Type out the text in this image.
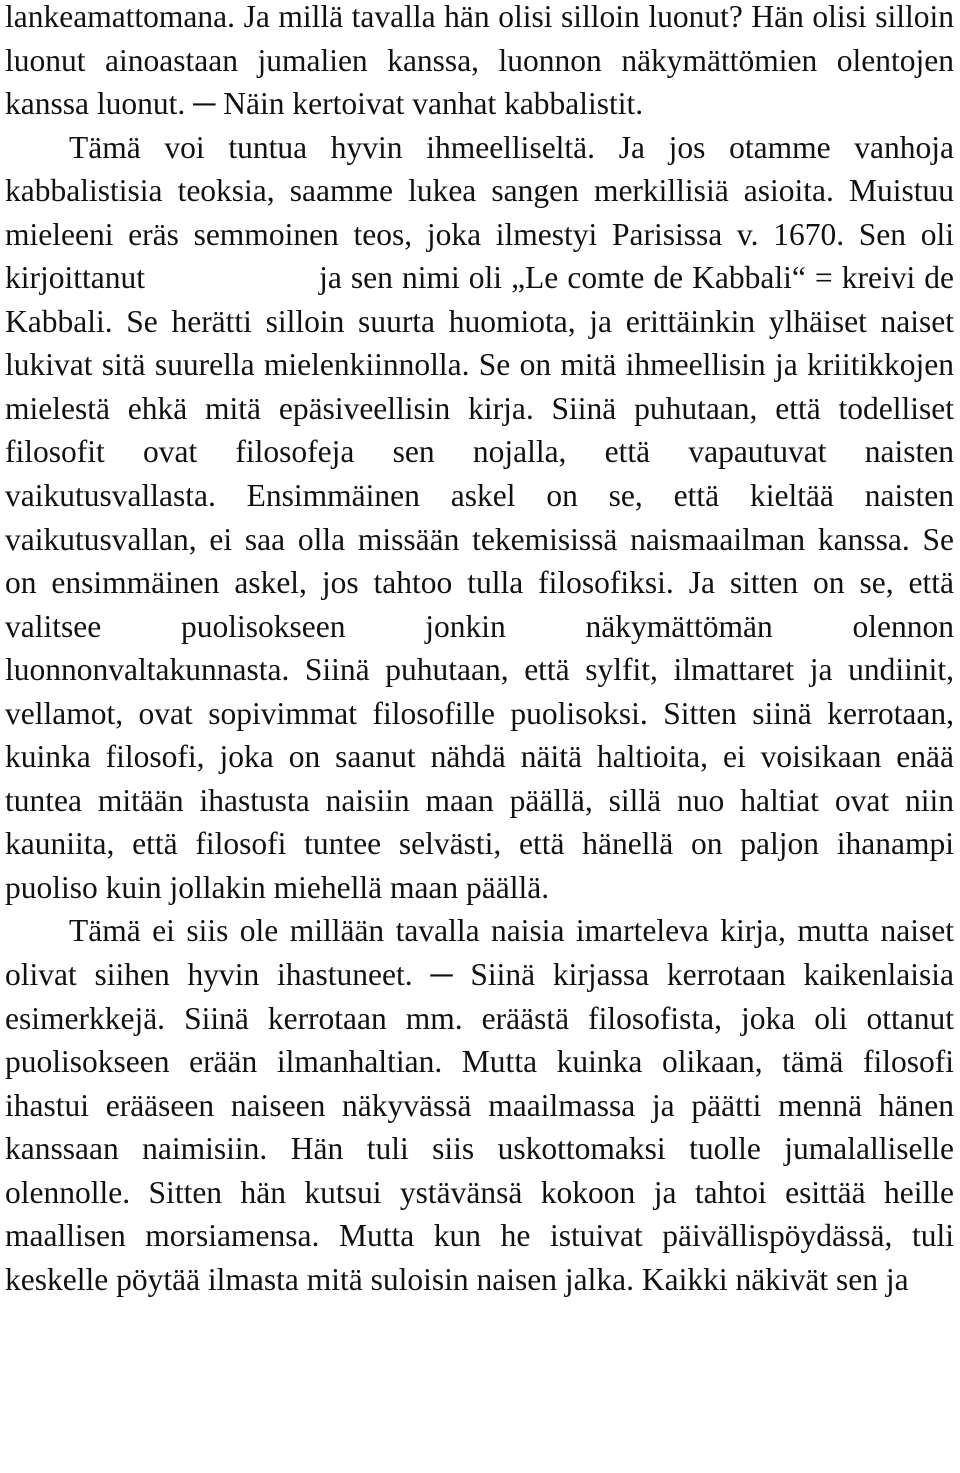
lankeamattomana. Ja millä tavalla hän olisi silloin luonut? Hän olisi silloin luonut ainoastaan jumalien kanssa, luonnon näkymättömien olentojen kanssa luonut. ─ Näin kertoivat vanhat kabbalistit.

Tämä voi tuntua hyvin ihmeelliseltä. Ja jos otamme vanhoja kabbalistisia teoksia, saamme lukea sangen merkillisiä asioita. Muistuu mieleeni eräs semmoinen teos, joka ilmestyi Parisissa v. 1670. Sen oli kirjoittanut	ja sen nimi oli „Le comte de Kabbali“ = kreivi de Kabbali. Se herätti silloin suurta huomiota, ja erittäinkin ylhäiset naiset lukivat sitä suurella mielenkiinnolla. Se on mitä ihmeellisin ja kriitikkojen mielestä ehkä mitä epäsiveellisin kirja. Siinä puhutaan, että todelliset filosofit ovat filosofeja sen nojalla, että vapautuvat naisten vaikutusvallasta. Ensimmäinen askel on se, että kieltää naisten vaikutusvallan, ei saa olla missään tekemisissä naismaailman kanssa. Se on ensimmäinen askel, jos tahtoo tulla filosofiksi. Ja sitten on se, että valitsee puolisokseen jonkin näkymättömän olennon luonnonvaltakunnasta. Siinä puhutaan, että sylfit, ilmattaret ja undiinit, vellamot, ovat sopivimmat filosofille puolisoksi. Sitten siinä kerrotaan, kuinka filosofi, joka on saanut nähdä näitä haltioita, ei voisikaan enää tuntea mitään ihastusta naisiin maan päällä, sillä nuo haltiat ovat niin kauniita, että filosofi tuntee selvästi, että hänellä on paljon ihanampi puoliso kuin jollakin miehellä maan päällä.

Tämä ei siis ole millään tavalla naisia imarteleva kirja, mutta naiset olivat siihen hyvin ihastuneet. ─ Siinä kirjassa kerrotaan kaikenlaisia esimerkkejä. Siinä kerrotaan mm. eräästä filosofista, joka oli ottanut puolisokseen erään ilmanhaltian. Mutta kuinka olikaan, tämä filosofi ihastui erääseen naiseen näkyvässä maailmassa ja päätti mennä hänen kanssaan naimisiin. Hän tuli siis uskottomaksi tuolle jumalalliselle olennolle. Sitten hän kutsui ystävänsä kokoon ja tahtoi esittää heille maallisen morsiamensa. Mutta kun he istuivat päivällispöydässä, tuli keskelle pöytää ilmasta mitä suloisin naisen jalka. Kaikki näkivät sen ja
